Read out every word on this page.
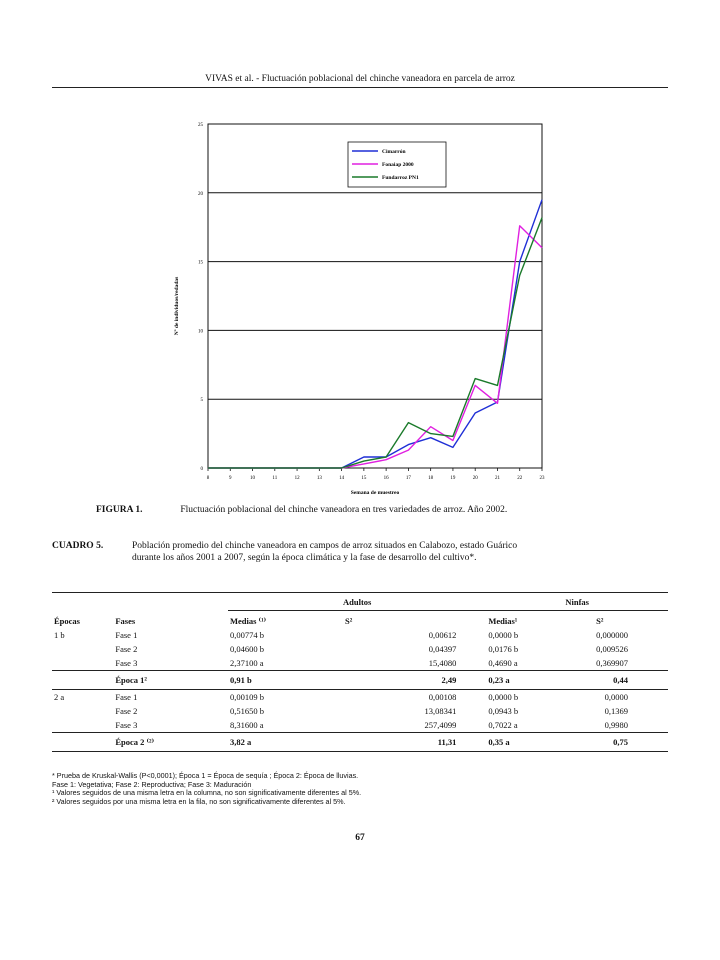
VIVAS et al. - Fluctuación poblacional del chinche vaneadora en parcela de arroz
0
5
10
15
20
25
8	9	10	11	12	13	14	15	16	17	18	19	20	21	22	23
Semana de muestreo
Nº de individuos/redadas
Cimarrón
Fonaiap 2000
Fundarroz PN1
FIGURA 1.	Fluctuación poblacional del chinche vaneadora en tres variedades de arroz. Año 2002.
CUADRO 5.	Población promedio del chinche vaneadora en campos de arroz situados en Calabozo, estado Guárico
durante los años 2001 a 2007, según la época climática y la fase de desarrollo del cultivo*.
		Adultos		Ninfas	
Épocas	Fases	Medias ⁽¹⁾	S²	Medias¹	S²
1 b	Fase 1	0,00774 b	0,00612	0,0000 b	0,000000
	Fase 2	0,04600 b	0,04397	0,0176 b	0,009526
	Fase 3	2,37100 a	15,4080	0,4690 a	0,369907
	Época 1²	0,91 b	2,49	0,23 a	0,44
2 a	Fase 1	0,00109 b	0,00108	0,0000 b	0,0000
	Fase 2	0,51650 b	13,08341	0,0943 b	0,1369
	Fase 3	8,31600 a	257,4099	0,7022 a	0,9980
	Época 2 ⁽²⁾	3,82 a	11,31	0,35 a	0,75
* Prueba de Kruskal-Wallis (P<0,0001); Época 1 = Época de sequía ; Época 2: Época de lluvias.
Fase 1: Vegetativa; Fase 2: Reproductiva; Fase 3: Maduración
¹ Valores seguidos de una misma letra en la columna, no son significativamente diferentes al 5%.
² Valores seguidos por una misma letra en la fila, no son significativamente diferentes al 5%.
67
